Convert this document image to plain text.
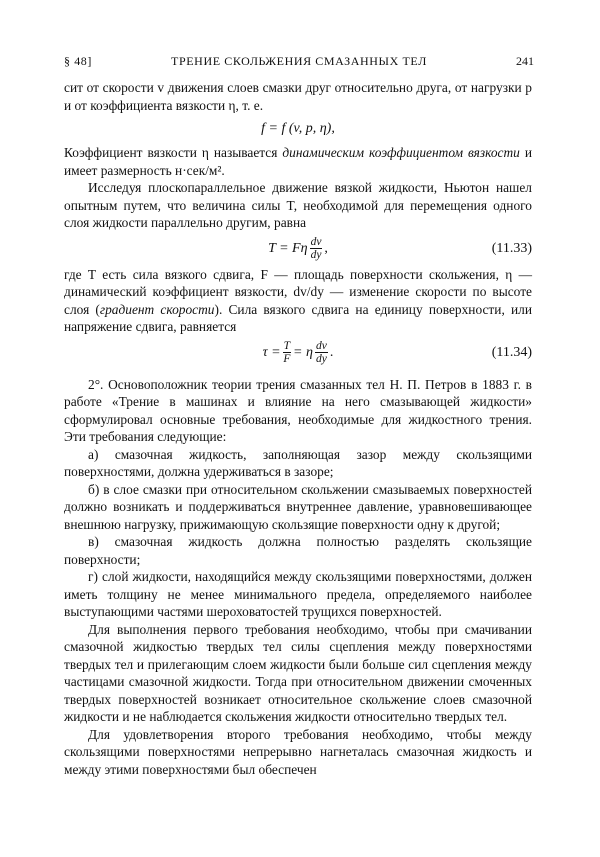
§ 48]	ТРЕНИЕ СКОЛЬЖЕНИЯ СМАЗАННЫХ ТЕЛ	241

сит от скорости v движения слоев смазки друг относительно друга, от нагрузки p и от коэффициента вязкости η, т. е.

f = f (v, p, η),

Коэффициент вязкости η называется динамическим коэффициентом вязкости и имеет размерность н·сек/м².

Исследуя плоскопараллельное движение вязкой жидкости, Ньютон нашел опытным путем, что величина силы T, необходимой для перемещения одного слоя жидкости параллельно другим, равна

T = Fη $\frac{dv}{dy}$ ,	(11.33)

где T есть сила вязкого сдвига, F — площадь поверхности скольжения, η — динамический коэффициент вязкости, dv/dy — изменение скорости по высоте слоя (градиент скорости). Сила вязкого сдвига на единицу поверхности, или напряжение сдвига, равняется

$\tau = \frac{T}{F} = \eta \frac{dv}{dy}$ .	(11.34)

2°. Основоположник теории трения смазанных тел Н. П. Петров в 1883 г. в работе «Трение в машинах и влияние на него смазывающей жидкости» сформулировал основные требования, необходимые для жидкостного трения. Эти требования следующие:

а) смазочная жидкость, заполняющая зазор между скользящими поверхностями, должна удерживаться в зазоре;

б) в слое смазки при относительном скольжении смазываемых поверхностей должно возникать и поддерживаться внутреннее давление, уравновешивающее внешнюю нагрузку, прижимающую скользящие поверхности одну к другой;

в) смазочная жидкость должна полностью разделять скользящие поверхности;

г) слой жидкости, находящийся между скользящими поверхностями, должен иметь толщину не менее минимального предела, определяемого наиболее выступающими частями шероховатостей трущихся поверхностей.

Для выполнения первого требования необходимо, чтобы при смачивании смазочной жидкостью твердых тел силы сцепления между поверхностями твердых тел и прилегающим слоем жидкости были больше сил сцепления между частицами смазочной жидкости. Тогда при относительном движении смоченных твердых поверхностей возникает относительное скольжение слоев смазочной жидкости и не наблюдается скольжения жидкости относительно твердых тел.

Для удовлетворения второго требования необходимо, чтобы между скользящими поверхностями непрерывно нагнеталась смазочная жидкость и между этими поверхностями был обеспечен
